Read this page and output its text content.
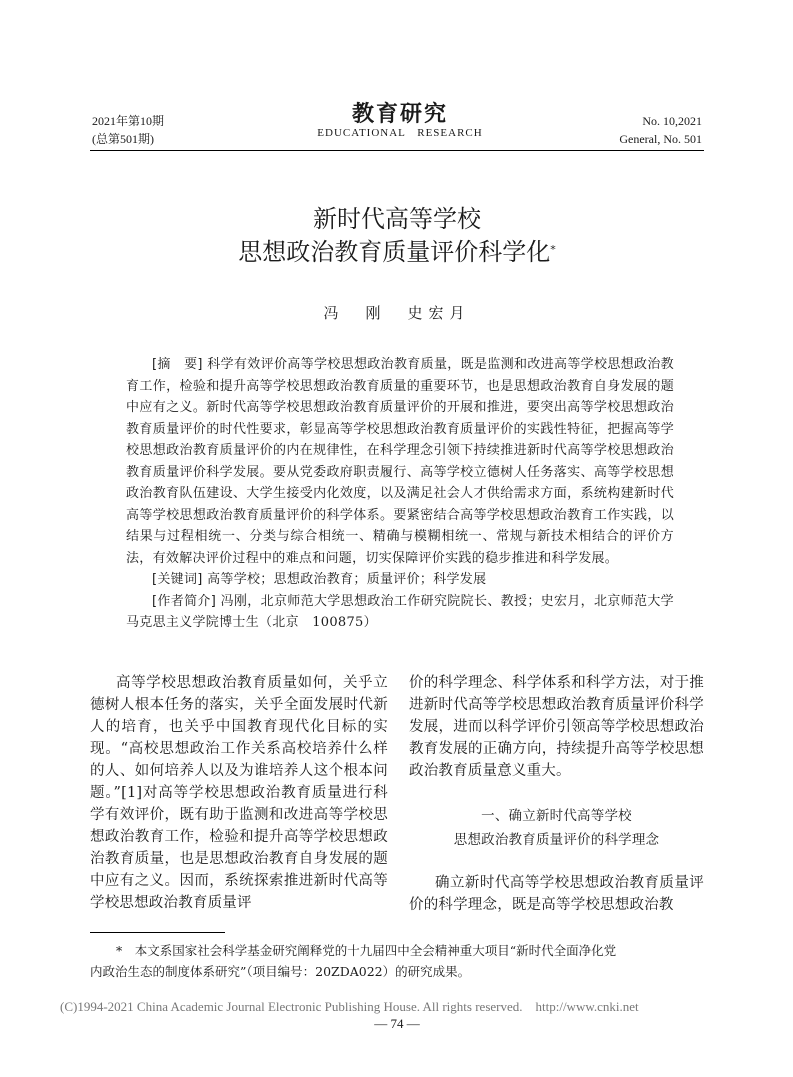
2021年第10期
(总第501期)
教育研究
EDUCATIONAL RESEARCH
No. 10,2021
General, No. 501
新时代高等学校
思想政治教育质量评价科学化*
冯　刚　史宏月

[摘　要] 科学有效评价高等学校思想政治教育质量，既是监测和改进高等学校思想政治教育工作，检验和提升高等学校思想政治教育质量的重要环节，也是思想政治教育自身发展的题中应有之义。新时代高等学校思想政治教育质量评价的开展和推进，要突出高等学校思想政治教育质量评价的时代性要求，彰显高等学校思想政治教育质量评价的实践性特征，把握高等学校思想政治教育质量评价的内在规律性，在科学理念引领下持续推进新时代高等学校思想政治教育质量评价科学发展。要从党委政府职责履行、高等学校立德树人任务落实、高等学校思想政治教育队伍建设、大学生接受内化效度，以及满足社会人才供给需求方面，系统构建新时代高等学校思想政治教育质量评价的科学体系。要紧密结合高等学校思想政治教育工作实践，以结果与过程相统一、分类与综合相统一、精确与模糊相统一、常规与新技术相结合的评价方法，有效解决评价过程中的难点和问题，切实保障评价实践的稳步推进和科学发展。

[关键词] 高等学校；思想政治教育；质量评价；科学发展

[作者简介] 冯刚，北京师范大学思想政治工作研究院院长、教授；史宏月，北京师范大学马克思主义学院博士生（北京　100875）

高等学校思想政治教育质量如何，关乎立德树人根本任务的落实，关乎全面发展时代新人的培育，也关乎中国教育现代化目标的实现。“高校思想政治工作关系高校培养什么样的人、如何培养人以及为谁培养人这个根本问题。”[1]对高等学校思想政治教育质量进行科学有效评价，既有助于监测和改进高等学校思想政治教育工作，检验和提升高等学校思想政治教育质量，也是思想政治教育自身发展的题中应有之义。因而，系统探索推进新时代高等学校思想政治教育质量评

价的科学理念、科学体系和科学方法，对于推进新时代高等学校思想政治教育质量评价科学发展，进而以科学评价引领高等学校思想政治教育发展的正确方向，持续提升高等学校思想政治教育质量意义重大。

一、确立新时代高等学校
思想政治教育质量评价的科学理念

确立新时代高等学校思想政治教育质量评价的科学理念，既是高等学校思想政治教

*　本文系国家社会科学基金研究阐释党的十九届四中全会精神重大项目“新时代全面净化党

内政治生态的制度体系研究”（项目编号：20ZDA022）的研究成果。

(C)1994-2021 China Academic Journal Electronic Publishing House. All rights reserved.　http://www.cnki.net
— 74 —
